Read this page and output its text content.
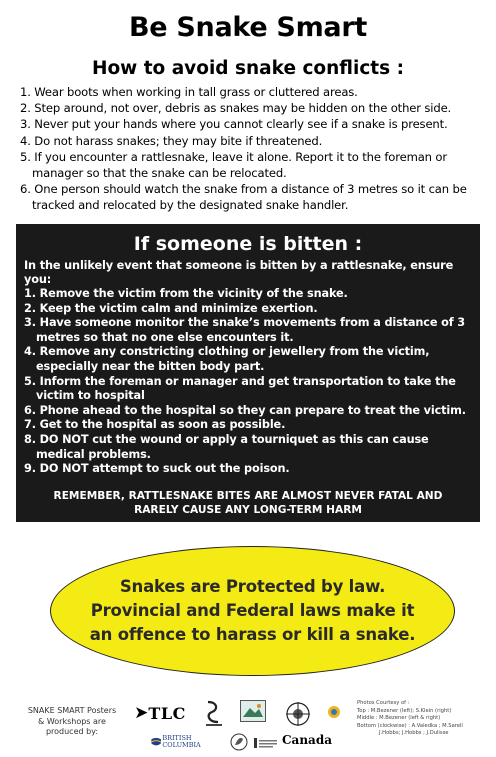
Be Snake Smart
How to avoid snake conflicts :
1. Wear boots when working in tall grass or cluttered areas.
2. Step around, not over, debris as snakes may be hidden on the other side.
3. Never put your hands where you cannot clearly see if a snake is present.
4. Do not harass snakes; they may bite if threatened.
5. If you encounter a rattlesnake, leave it alone. Report it to the foreman or manager so that the snake can be relocated.
6. One person should watch the snake from a distance of 3 metres so it can be tracked and relocated by the designated snake handler.
If someone is bitten :
In the unlikely event that someone is bitten by a rattlesnake, ensure you:
1. Remove the victim from the vicinity of the snake.
2. Keep the victim calm and minimize exertion.
3. Have someone monitor the snake’s movements from a distance of 3 metres so that no one else encounters it.
4. Remove any constricting clothing or jewellery from the victim, especially near the bitten body part.
5. Inform the foreman or manager and get transportation to take the victim to hospital
6. Phone ahead to the hospital so they can prepare to treat the victim.
7. Get to the hospital as soon as possible.
8. DO NOT cut the wound or apply a tourniquet as this can cause medical problems.
9. DO NOT attempt to suck out the poison.
REMEMBER, RATTLESNAKE BITES ARE ALMOST NEVER FATAL AND RARELY CAUSE ANY LONG-TERM HARM
Snakes are Protected by law.
Provincial and Federal laws make it
an offence to harass or kill a snake.
SNAKE SMART Posters & Workshops are produced by:
➤ TLC
BRITISH COLUMBIA	Canada
Photos Courtesy of :
Top : M.Bezener (left); S.Klein (right)
Middle : M.Bezener (left & right)
Bottom (clockwise) : A.Valedka ; M.Sarell
J.Hobbs; J.Hobbs ; J.Dulisse
